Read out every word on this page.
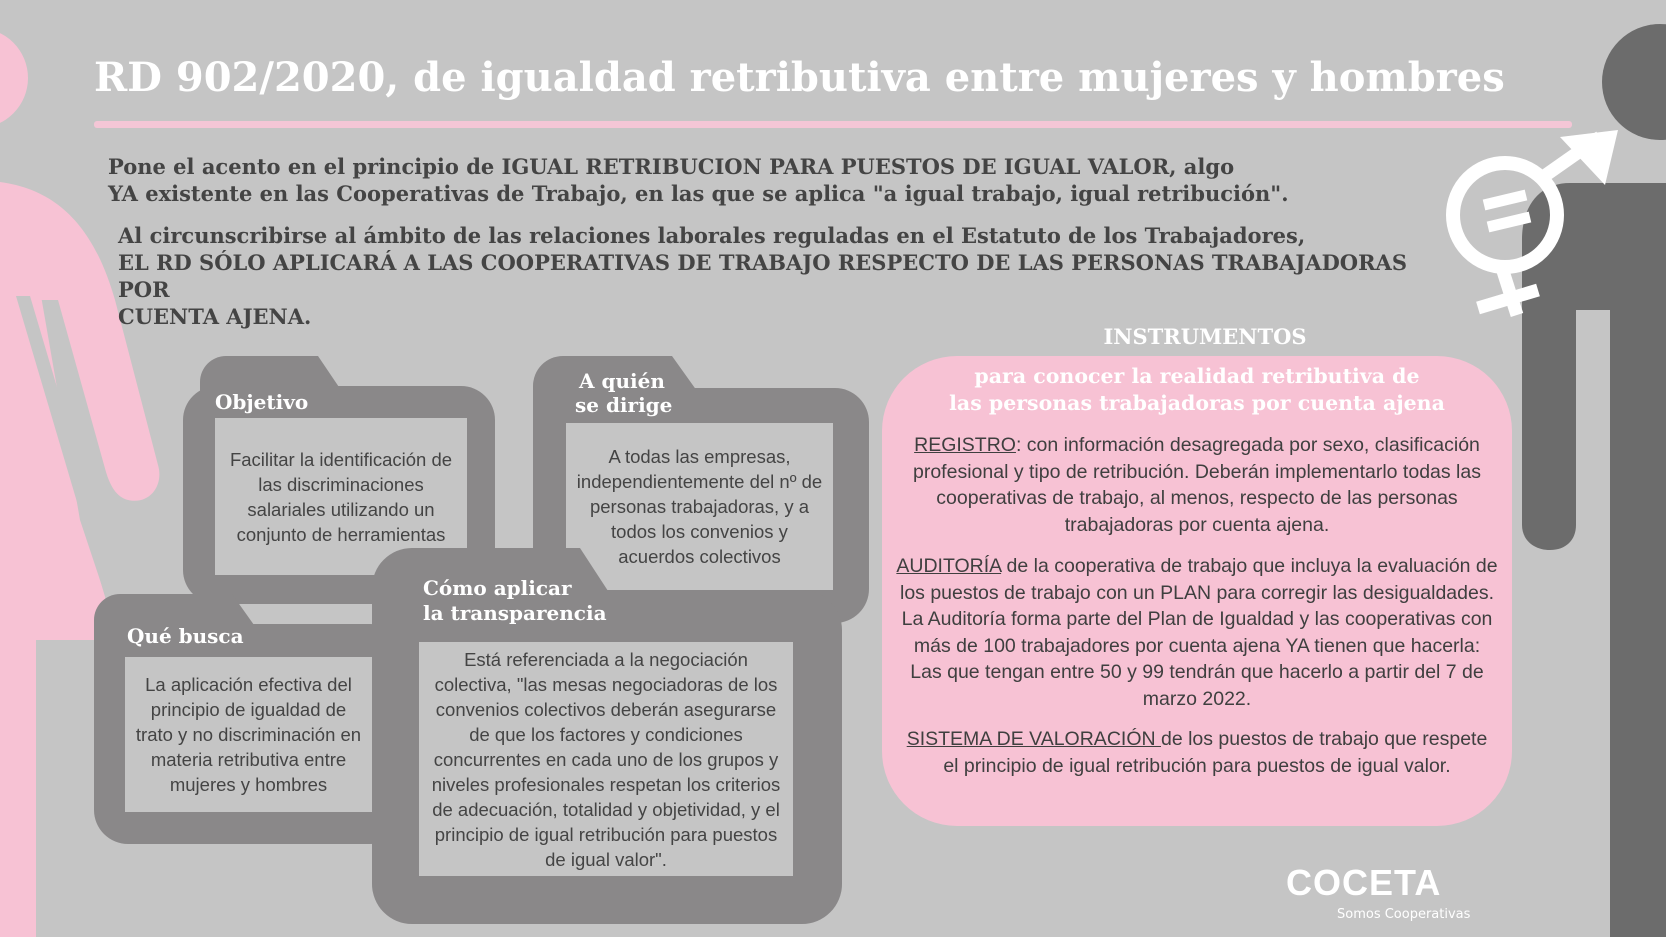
RD 902/2020, de igualdad retributiva entre mujeres y hombres
Pone el acento en el principio de IGUAL RETRIBUCION PARA PUESTOS DE IGUAL VALOR, algo
YA existente en las Cooperativas de Trabajo, en las que se aplica "a igual trabajo, igual retribución".
Al circunscribirse al ámbito de las relaciones laborales reguladas en el Estatuto de los Trabajadores,
EL RD SÓLO APLICARÁ A LAS COOPERATIVAS DE TRABAJO RESPECTO DE LAS PERSONAS TRABAJADORAS POR
CUENTA AJENA.
Objetivo
Facilitar la identificación de las discriminaciones salariales utilizando un conjunto de herramientas
A quién
se dirige
A todas las empresas, independientemente del nº de personas trabajadoras, y a todos los convenios y acuerdos colectivos
Qué busca
La aplicación efectiva del principio de igualdad de trato y no discriminación en materia retributiva entre mujeres y hombres
Cómo aplicar
la transparencia
Está referenciada a la negociación colectiva, "las mesas negociadoras de los convenios colectivos deberán asegurarse de que los factores y condiciones concurrentes en cada uno de los grupos y niveles profesionales respetan los criterios de adecuación, totalidad y objetividad, y el principio de igual retribución para puestos de igual valor".
INSTRUMENTOS
para conocer la realidad retributiva de
las personas trabajadoras por cuenta ajena
REGISTRO: con información desagregada por sexo, clasificación profesional y tipo de retribución. Deberán implementarlo todas las cooperativas de trabajo, al menos, respecto de las personas trabajadoras por cuenta ajena.
AUDITORÍA de la cooperativa de trabajo que incluya la evaluación de los puestos de trabajo con un PLAN para corregir las desigualdades. La Auditoría forma parte del Plan de Igualdad y las cooperativas con más de 100 trabajadores por cuenta ajena YA tienen que hacerla: Las que tengan entre 50 y 99 tendrán que hacerlo a partir del 7 de marzo 2022.
SISTEMA DE VALORACIÓN de los puestos de trabajo que respete el principio de igual retribución para puestos de igual valor.
COCETA
Somos Cooperativas
